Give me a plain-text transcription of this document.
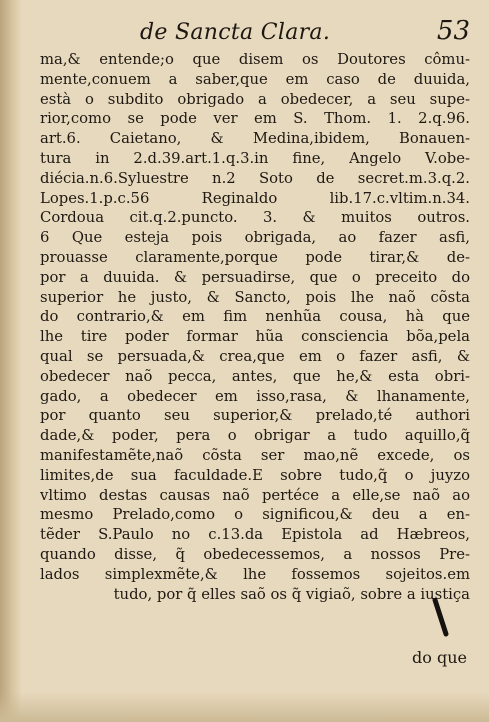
de Sancta Clara.	53
ma,& entende;o que disem os Doutores cômu-
mente,conuem a saber,que em caso de duuida,
està o subdito obrigado a obedecer, a seu supe-
rior,como se pode ver em S. Thom. 1. 2.q.96.
art.6. Caietano, & Medina,ibidem, Bonauen-
tura in 2.d.39.art.1.q.3.in fine, Angelo V.obe-
diécia.n.6.Syluestre n.2 Soto de secret.m.3.q.2.
Lopes.1.p.c.56 Reginaldo lib.17.c.vltim.n.34.
Cordoua cit.q.2.puncto. 3. & muitos outros.
6 Que esteja pois obrigada, ao fazer asfi,
prouasse claramente,porque pode tirar,& de-
por a duuida. & persuadirse, que o preceito do
superior he justo, & Sancto, pois lhe naõ cõsta
do contrario,& em fim nenhũa cousa, hà que
lhe tire poder formar hũa consciencia bõa,pela
qual se persuada,& crea,que em o fazer asfi, &
obedecer naõ pecca, antes, que he,& esta obri-
gado, a obedecer em isso,rasa, & lhanamente,
por quanto seu superior,& prelado,té authori
dade,& poder, pera o obrigar a tudo aquillo,q̃
manifestamẽte,naõ cõsta ser mao,nẽ excede, os
limites,de sua faculdade.E sobre tudo,q̃ o juyzo
vltimo destas causas naõ pertéce a elle,se naõ ao
mesmo Prelado,como o significou,& deu a en-
tẽder S.Paulo no c.13.da Epistola ad Hæbreos,
quando disse, q̃ obedecessemos, a nossos Pre-
lados simplexmẽte,& lhe fossemos sojeitos.em
tudo, por q̃ elles saõ os q̃ vigiaõ, sobre a iustiça
do que
